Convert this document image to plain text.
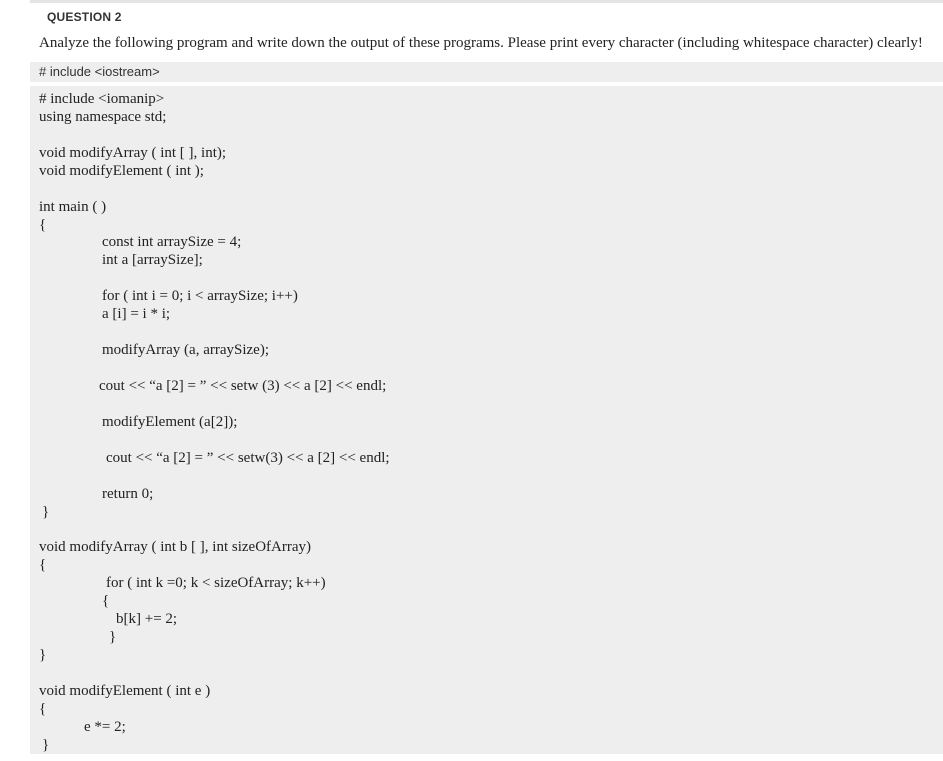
QUESTION 2
Analyze the following program and write down the output of these programs. Please print every character (including whitespace character) clearly!
# include <iostream>
# include <iomanip>
using namespace std;
void modifyArray ( int [ ], int);
void modifyElement ( int );
int main ( )
{
const int arraySize = 4;
int a [arraySize];
for ( int i = 0; i < arraySize; i++)
a [i] = i * i;
modifyArray (a, arraySize);
cout << “a [2] = ” << setw (3) << a [2] << endl;
modifyElement (a[2]);
cout << “a [2] = ” << setw(3) << a [2] << endl;
return 0;
}
void modifyArray ( int b [ ], int sizeOfArray)
{
for ( int k =0; k < sizeOfArray; k++)
{
b[k] += 2;
}
}
void modifyElement ( int e )
{
e *= 2;
}
